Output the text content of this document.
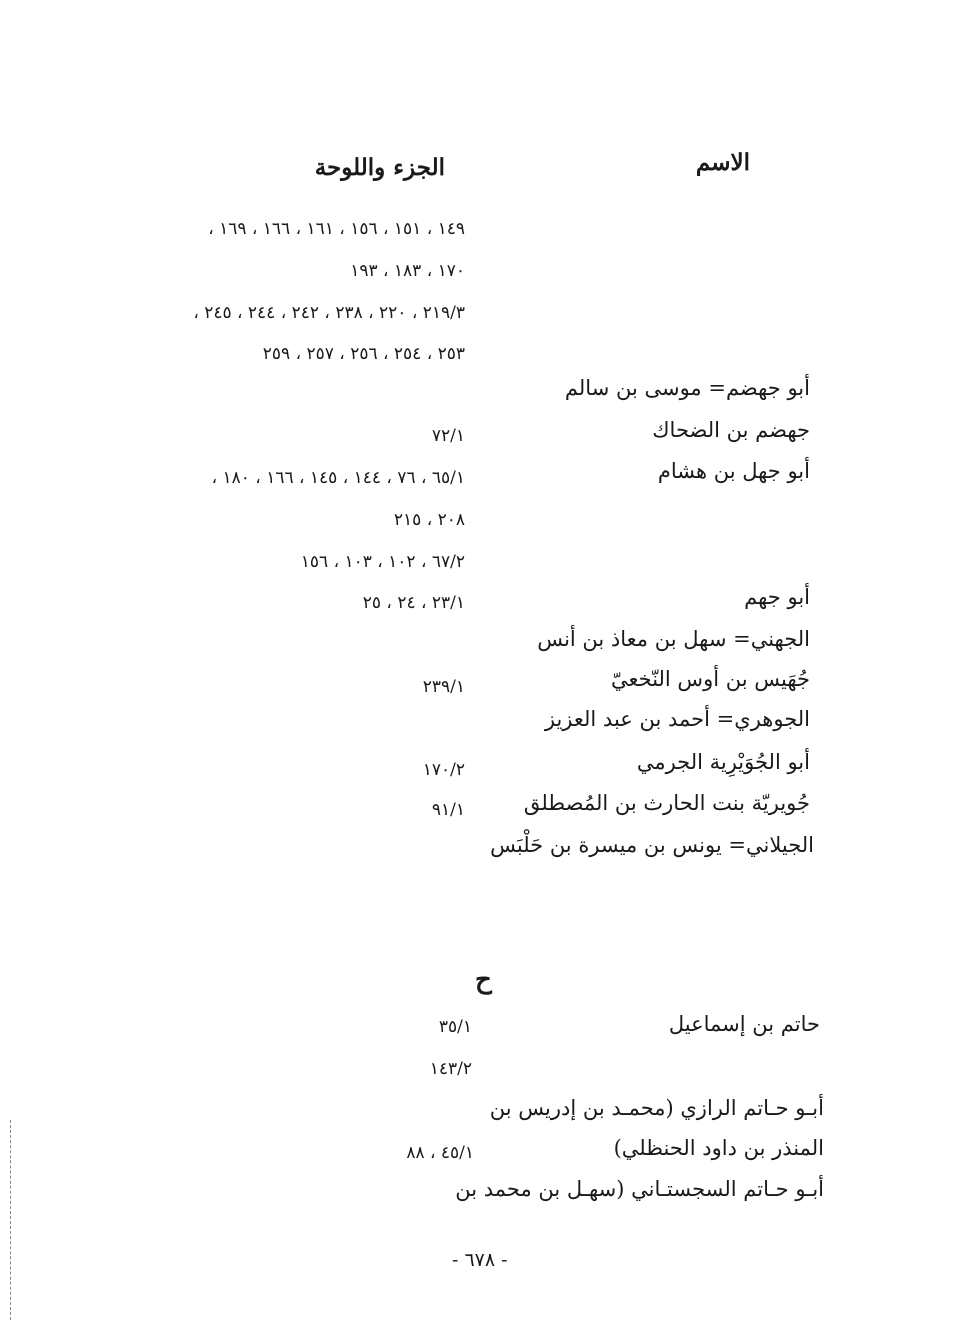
الاسم
الجزء واللوحة
١٤٩ ، ١٥١ ، ١٥٦ ، ١٦١ ، ١٦٦ ، ١٦٩ ،
١٧٠ ، ١٨٣ ، ١٩٣
٢١٩/٣ ، ٢٢٠ ، ٢٣٨ ، ٢٤٢ ، ٢٤٤ ، ٢٤٥ ،
٢٥٣ ، ٢٥٤ ، ٢٥٦ ، ٢٥٧ ، ٢٥٩
أبو جهضم= موسى بن سالم
جهضم بن الضحاك
٧٢/١
أبو جهل بن هشام
٦٥/١ ، ٧٦ ، ١٤٤ ، ١٤٥ ، ١٦٦ ، ١٨٠ ،
٢٠٨ ، ٢١٥
٦٧/٢ ، ١٠٢ ، ١٠٣ ، ١٥٦
أبو جهم
٢٣/١ ، ٢٤ ، ٢٥
الجهني= سهل بن معاذ بن أنس
جُهَيس بن أوس النّخعيّ
٢٣٩/١
الجوهري= أحمد بن عبد العزيز
أبو الجُوَيْرِية الجرمي
١٧٠/٢
جُويريّة بنت الحارث بن المُصطلق
٩١/١
الجيلاني= يونس بن ميسرة بن حَلْبَس
ح
حاتم بن إسماعيل
٣٥/١
١٤٣/٢
أبـو حـاتم الرازي (محمـد بن إدريس بن
المنذر بن داود الحنظلي)
٤٥/١ ، ٨٨
أبـو حـاتم السجستـاني (سهـل بن محمد بن
- ٦٧٨ -
